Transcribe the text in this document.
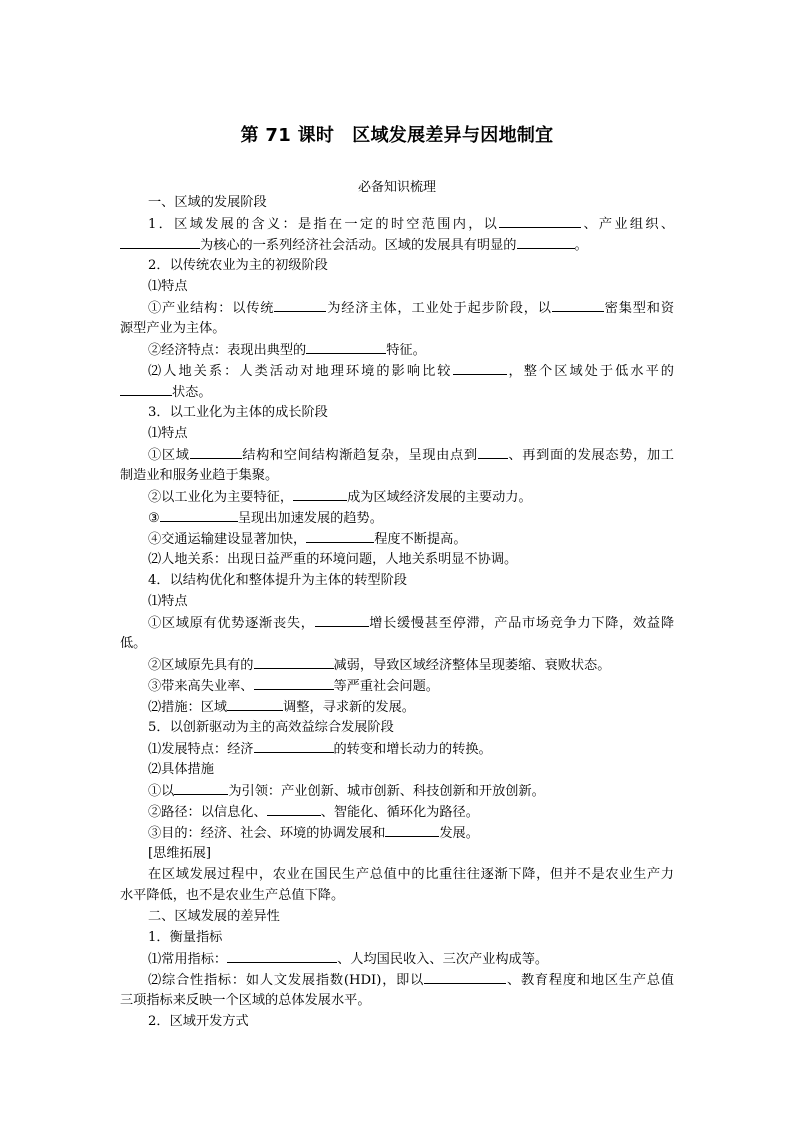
第 71 课时 区域发展差异与因地制宜
必备知识梳理
一、区域的发展阶段
1．区域发展的含义：是指在一定的时空范围内，以	、产业组织、
为核心的一系列经济社会活动。区域的发展具有明显的	。
2．以传统农业为主的初级阶段
⑴特点
①产业结构：以传统	为经济主体，工业处于起步阶段，以	密集型和资
源型产业为主体。
②经济特点：表现出典型的	特征。
⑵人地关系：人类活动对地理环境的影响比较	，整个区域处于低水平的
状态。
3．以工业化为主体的成长阶段
⑴特点
①区域	结构和空间结构渐趋复杂，呈现由点到 、再到面的发展态势，加工
制造业和服务业趋于集聚。
②以工业化为主要特征，	成为区域经济发展的主要动力。
③	呈现出加速发展的趋势。
④交通运输建设显著加快，	程度不断提高。
⑵人地关系：出现日益严重的环境问题，人地关系明显不协调。
4．以结构优化和整体提升为主体的转型阶段
⑴特点
①区域原有优势逐渐丧失，	增长缓慢甚至停滞，产品市场竞争力下降，效益降
低。
②区域原先具有的	减弱，导致区域经济整体呈现萎缩、衰败状态。
③带来高失业率、	等严重社会问题。
⑵措施：区域	调整，寻求新的发展。
5．以创新驱动为主的高效益综合发展阶段
⑴发展特点：经济	的转变和增长动力的转换。
⑵具体措施
①以	为引领：产业创新、城市创新、科技创新和开放创新。
②路径：以信息化、	、智能化、循环化为路径。
③目的：经济、社会、环境的协调发展和	发展。
[思维拓展]
在区域发展过程中，农业在国民生产总值中的比重往往逐渐下降，但并不是农业生产力
水平降低，也不是农业生产总值下降。
二、区域发展的差异性
1．衡量指标
⑴常用指标：	、人均国民收入、三次产业构成等。
⑵综合性指标：如人文发展指数(HDI)，即以	、教育程度和地区生产总值
三项指标来反映一个区域的总体发展水平。
2．区域开发方式
